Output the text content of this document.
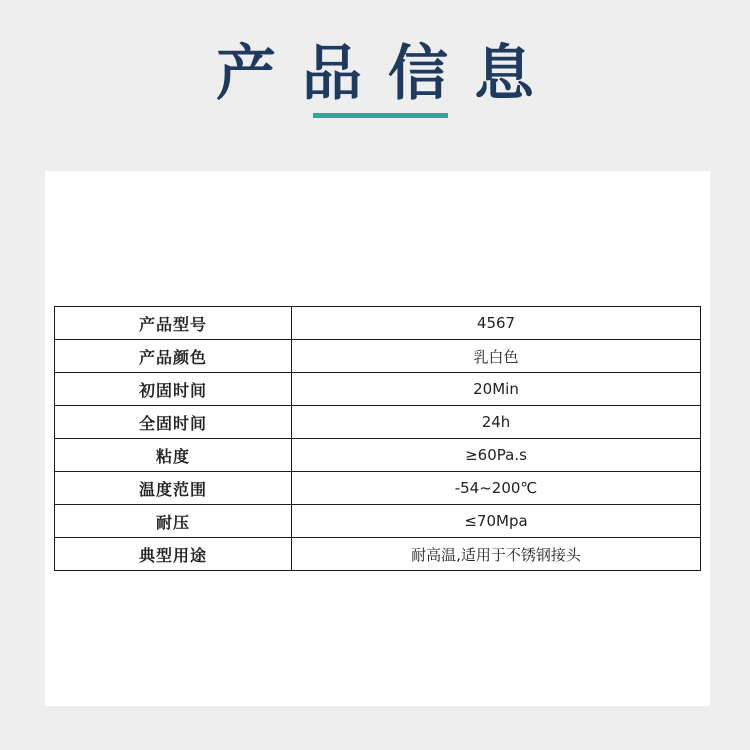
产品信息
产品型号	4567
产品颜色	乳白色
初固时间	20Min
全固时间	24h
粘度	≥60Pa.s
温度范围	-54~200℃
耐压	≤70Mpa
典型用途	耐高温,适用于不锈钢接头
